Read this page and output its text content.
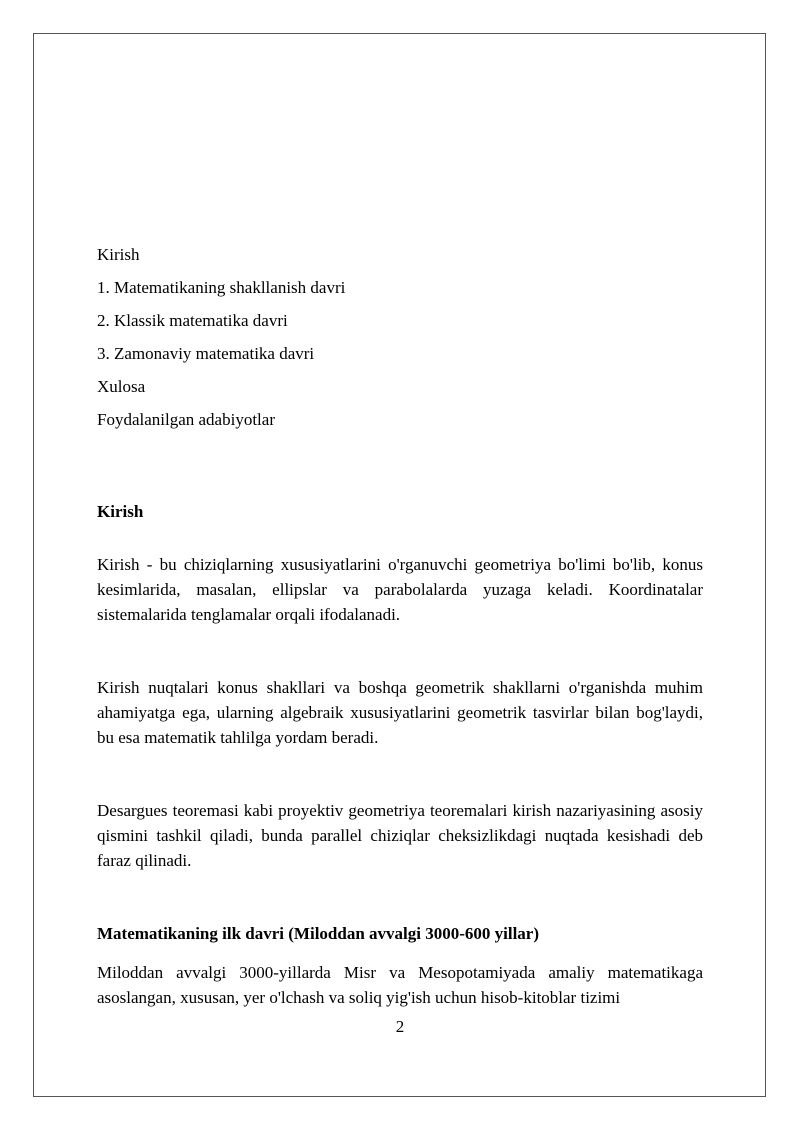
Kirish
1. Matematikaning shakllanish davri
2. Klassik matematika davri
3. Zamonaviy matematika davri
Xulosa
Foydalanilgan adabiyotlar
Kirish
Kirish - bu chiziqlarning xususiyatlarini o'rganuvchi geometriya bo'limi bo'lib, konus kesimlarida, masalan, ellipslar va parabolalarda yuzaga keladi. Koordinatalar sistemalarida tenglamalar orqali ifodalanadi.
Kirish nuqtalari konus shakllari va boshqa geometrik shakllarni o'rganishda muhim ahamiyatga ega, ularning algebraik xususiyatlarini geometrik tasvirlar bilan bog'laydi, bu esa matematik tahlilga yordam beradi.
Desargues teoremasi kabi proyektiv geometriya teoremalari kirish nazariyasining asosiy qismini tashkil qiladi, bunda parallel chiziqlar cheksizlikdagi nuqtada kesishadi deb faraz qilinadi.
Matematikaning ilk davri (Miloddan avvalgi 3000-600 yillar)
Miloddan avvalgi 3000-yillarda Misr va Mesopotamiyada amaliy matematikaga asoslangan, xususan, yer o'lchash va soliq yig'ish uchun hisob-kitoblar tizimi
2
